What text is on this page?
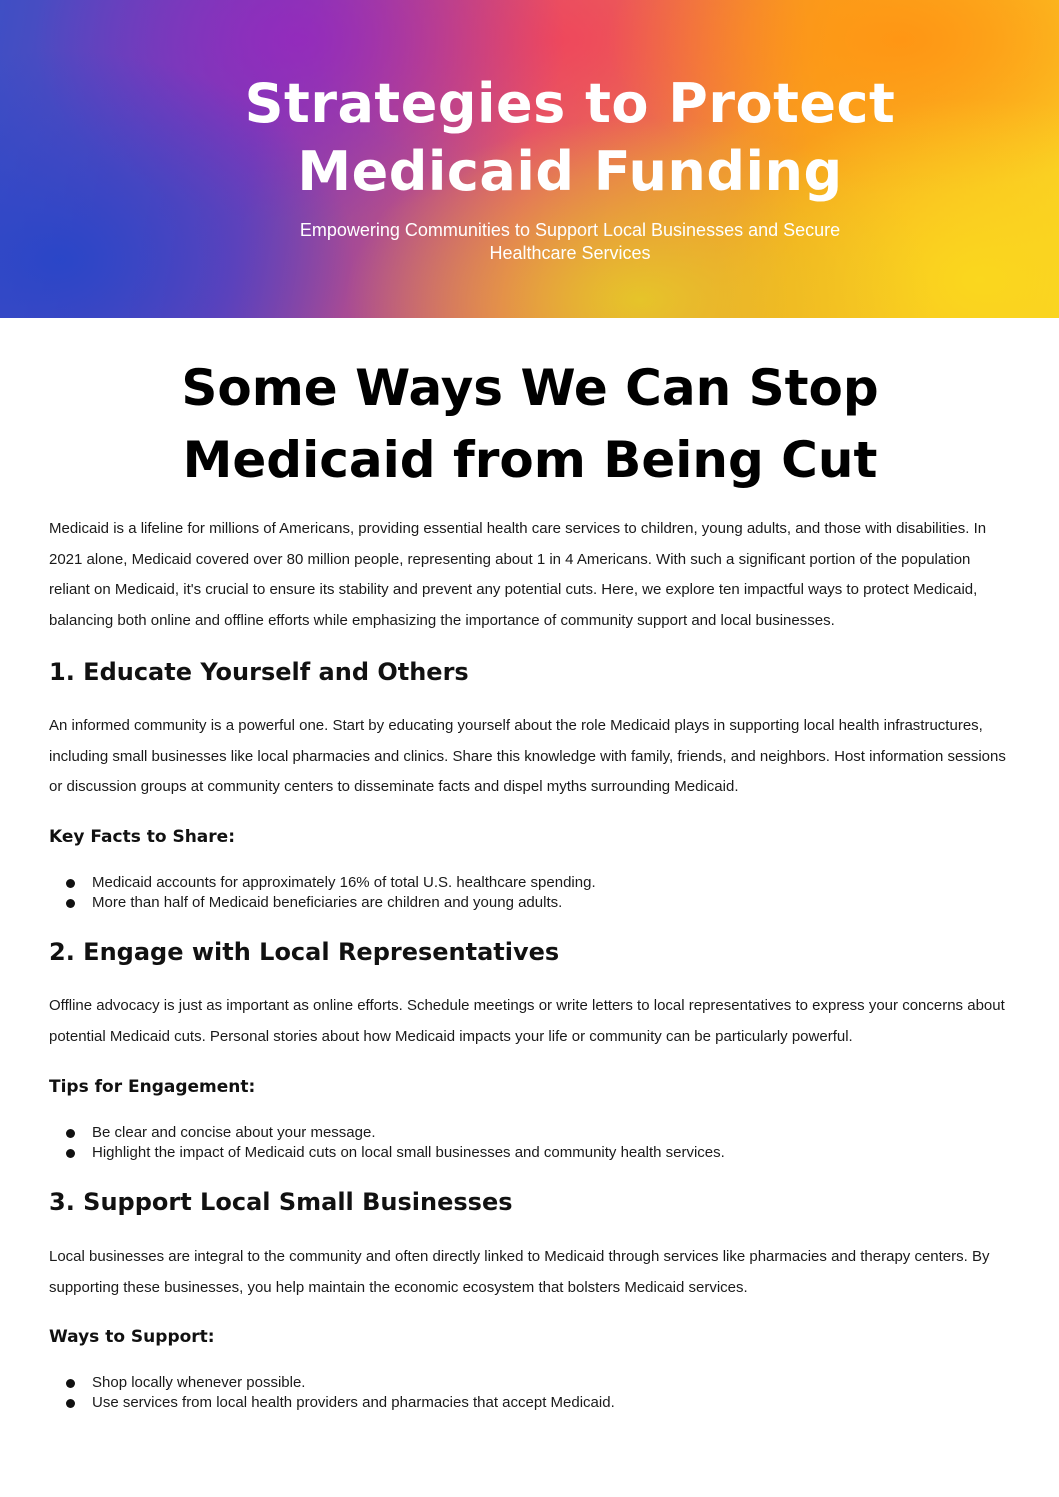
Strategies to Protect Medicaid Funding

Empowering Communities to Support Local Businesses and Secure Healthcare Services

Some Ways We Can Stop Medicaid from Being Cut

Medicaid is a lifeline for millions of Americans, providing essential health care services to children, young adults, and those with disabilities. In 2021 alone, Medicaid covered over 80 million people, representing about 1 in 4 Americans. With such a significant portion of the population reliant on Medicaid, it's crucial to ensure its stability and prevent any potential cuts. Here, we explore ten impactful ways to protect Medicaid, balancing both online and offline efforts while emphasizing the importance of community support and local businesses.

1. Educate Yourself and Others

An informed community is a powerful one. Start by educating yourself about the role Medicaid plays in supporting local health infrastructures, including small businesses like local pharmacies and clinics. Share this knowledge with family, friends, and neighbors. Host information sessions or discussion groups at community centers to disseminate facts and dispel myths surrounding Medicaid.

Key Facts to Share:
Medicaid accounts for approximately 16% of total U.S. healthcare spending.
More than half of Medicaid beneficiaries are children and young adults.
2. Engage with Local Representatives

Offline advocacy is just as important as online efforts. Schedule meetings or write letters to local representatives to express your concerns about potential Medicaid cuts. Personal stories about how Medicaid impacts your life or community can be particularly powerful.

Tips for Engagement:
Be clear and concise about your message.
Highlight the impact of Medicaid cuts on local small businesses and community health services.
3. Support Local Small Businesses

Local businesses are integral to the community and often directly linked to Medicaid through services like pharmacies and therapy centers. By supporting these businesses, you help maintain the economic ecosystem that bolsters Medicaid services.

Ways to Support:
Shop locally whenever possible.
Use services from local health providers and pharmacies that accept Medicaid.
